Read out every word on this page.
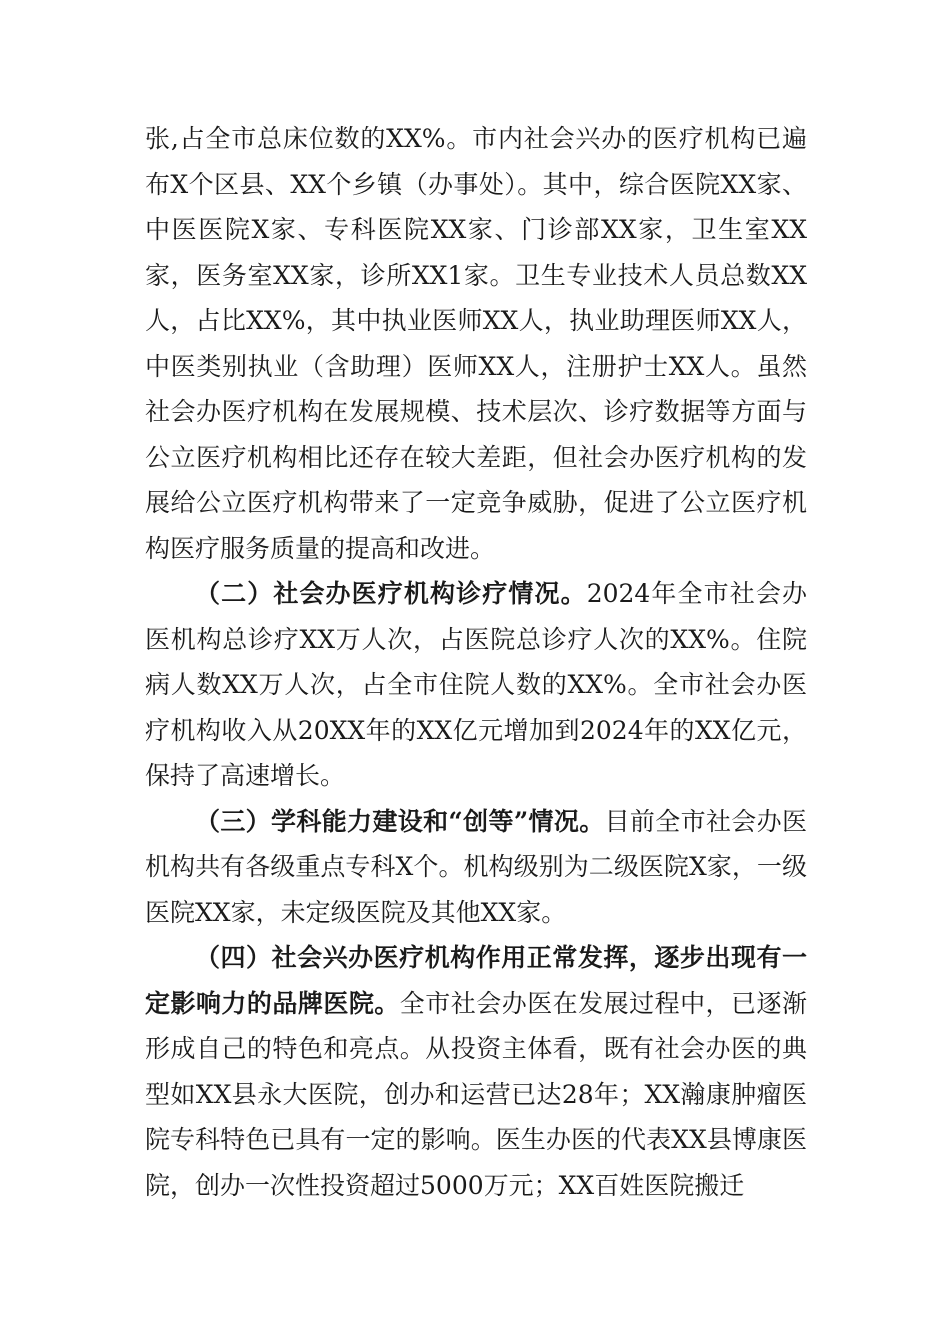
张,占全市总床位数的XX%。市内社会兴办的医疗机构已遍布X个区县、XX个乡镇（办事处）。其中，综合医院XX家、中医医院X家、专科医院XX家、门诊部XX家，卫生室XX家，医务室XX家，诊所XX1家。卫生专业技术人员总数XX人，占比XX%，其中执业医师XX人，执业助理医师XX人，中医类别执业（含助理）医师XX人，注册护士XX人。虽然社会办医疗机构在发展规模、技术层次、诊疗数据等方面与公立医疗机构相比还存在较大差距，但社会办医疗机构的发展给公立医疗机构带来了一定竞争威胁，促进了公立医疗机构医疗服务质量的提高和改进。

（二）社会办医疗机构诊疗情况。2024年全市社会办医机构总诊疗XX万人次，占医院总诊疗人次的XX%。住院病人数XX万人次，占全市住院人数的XX%。全市社会办医疗机构收入从20XX年的XX亿元增加到2024年的XX亿元，保持了高速增长。

（三）学科能力建设和“创等”情况。目前全市社会办医机构共有各级重点专科X个。机构级别为二级医院X家，一级医院XX家，未定级医院及其他XX家。

（四）社会兴办医疗机构作用正常发挥，逐步出现有一定影响力的品牌医院。全市社会办医在发展过程中，已逐渐形成自己的特色和亮点。从投资主体看，既有社会办医的典型如XX县永大医院，创办和运营已达28年；XX瀚康肿瘤医院专科特色已具有一定的影响。医生办医的代表XX县博康医院，创办一次性投资超过5000万元；XX百姓医院搬迁
